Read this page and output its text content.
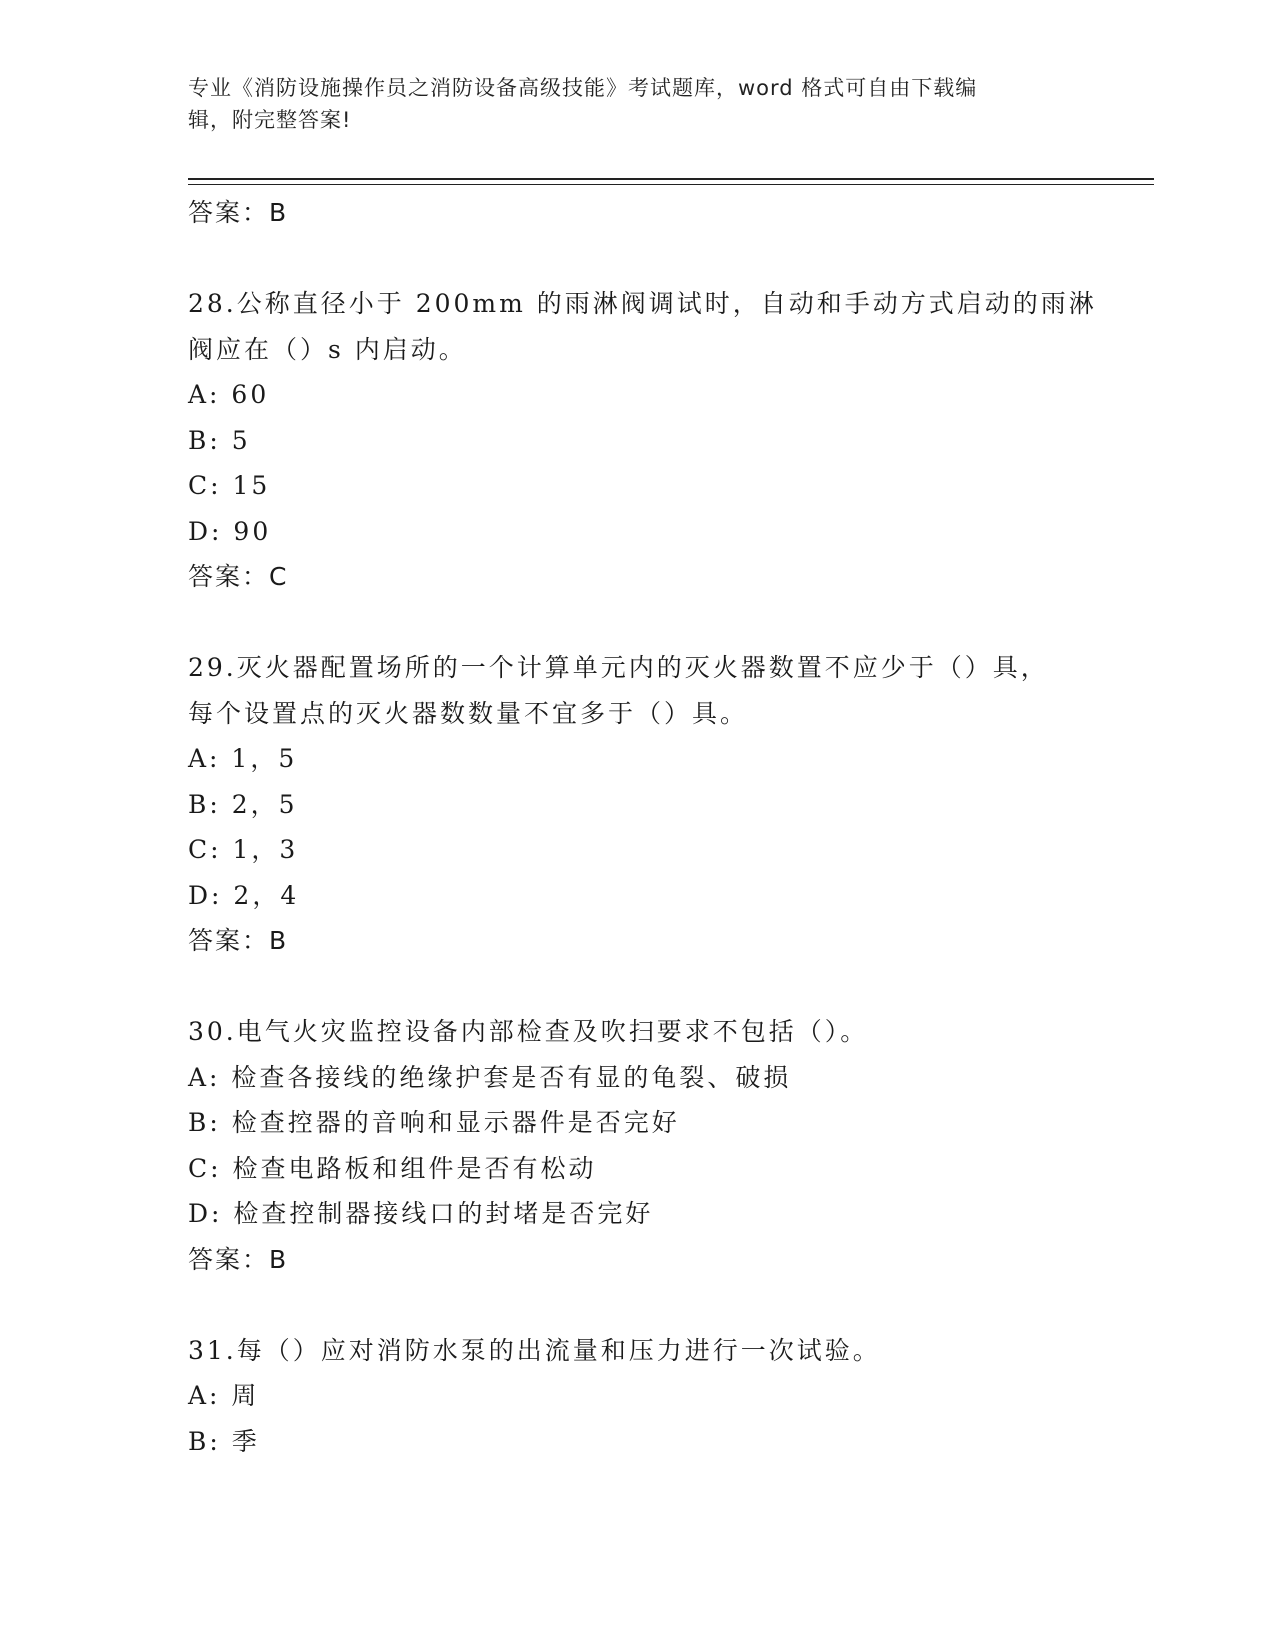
专业《消防设施操作员之消防设备高级技能》考试题库，word 格式可自由下载编
辑，附完整答案!
答案：B
28.公称直径小于 200mm 的雨淋阀调试时，自动和手动方式启动的雨淋
阀应在（）s 内启动。
A: 60
B: 5
C: 15
D: 90
答案：C
29.灭火器配置场所的一个计算单元内的灭火器数置不应少于（）具，
每个设置点的灭火器数数量不宜多于（）具。
A: 1，5
B: 2，5
C: 1，3
D: 2，4
答案：B
30.电气火灾监控设备内部检查及吹扫要求不包括（）。
A: 检查各接线的绝缘护套是否有显的龟裂、破损
B: 检查控器的音响和显示器件是否完好
C: 检查电路板和组件是否有松动
D: 检查控制器接线口的封堵是否完好
答案：B
31.每（）应对消防水泵的出流量和压力进行一次试验。
A: 周
B: 季
